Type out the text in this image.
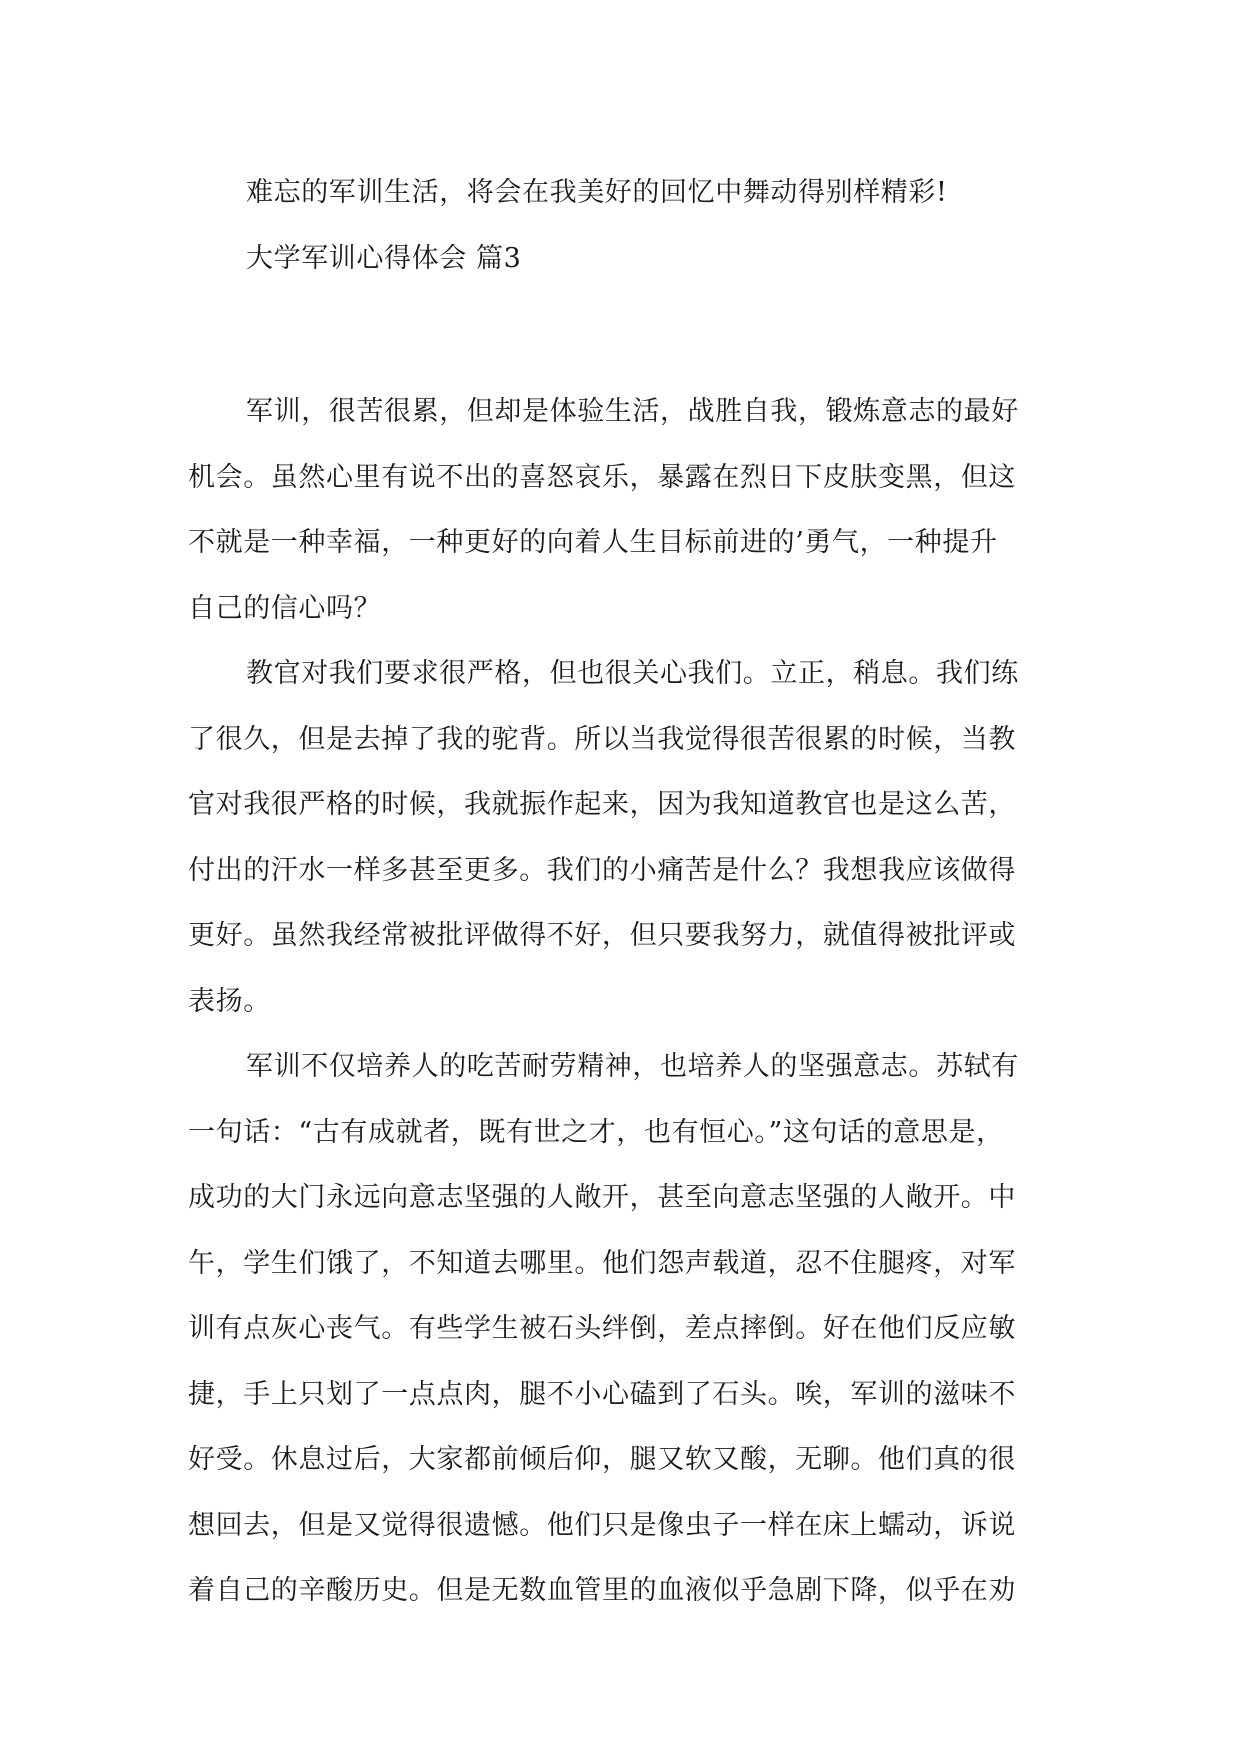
难忘的军训生活，将会在我美好的回忆中舞动得别样精彩!
大学军训心得体会 篇3
军训，很苦很累，但却是体验生活，战胜自我，锻炼意志的最好
机会。虽然心里有说不出的喜怒哀乐，暴露在烈日下皮肤变黑，但这
不就是一种幸福，一种更好的向着人生目标前进的’勇气，一种提升
自己的信心吗？
教官对我们要求很严格，但也很关心我们。立正，稍息。我们练
了很久，但是去掉了我的驼背。所以当我觉得很苦很累的时候，当教
官对我很严格的时候，我就振作起来，因为我知道教官也是这么苦，
付出的汗水一样多甚至更多。我们的小痛苦是什么？我想我应该做得
更好。虽然我经常被批评做得不好，但只要我努力，就值得被批评或
表扬。
军训不仅培养人的吃苦耐劳精神，也培养人的坚强意志。苏轼有
一句话：“古有成就者，既有世之才，也有恒心。”这句话的意思是，
成功的大门永远向意志坚强的人敞开，甚至向意志坚强的人敞开。中
午，学生们饿了，不知道去哪里。他们怨声载道，忍不住腿疼，对军
训有点灰心丧气。有些学生被石头绊倒，差点摔倒。好在他们反应敏
捷，手上只划了一点点肉，腿不小心磕到了石头。唉，军训的滋味不
好受。休息过后，大家都前倾后仰，腿又软又酸，无聊。他们真的很
想回去，但是又觉得很遗憾。他们只是像虫子一样在床上蠕动，诉说
着自己的辛酸历史。但是无数血管里的血液似乎急剧下降，似乎在劝
